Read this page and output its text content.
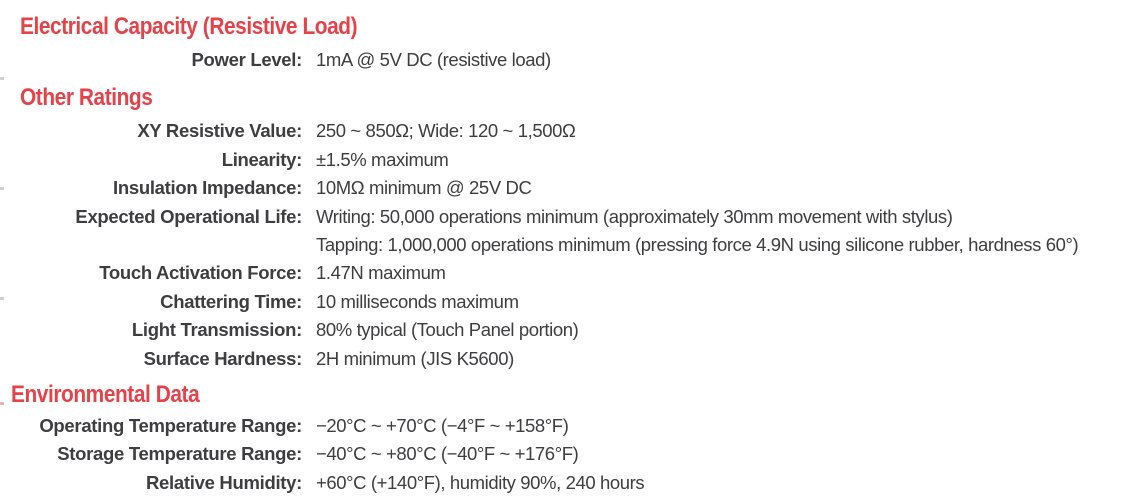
Electrical Capacity (Resistive Load)
Power Level: 1mA @ 5V DC (resistive load)
Other Ratings
XY Resistive Value: 250 ~ 850Ω; Wide: 120 ~ 1,500Ω
Linearity: ±1.5% maximum
Insulation Impedance: 10MΩ minimum @ 25V DC
Expected Operational Life: Writing: 50,000 operations minimum (approximately 30mm movement with stylus)
Tapping: 1,000,000 operations minimum (pressing force 4.9N using silicone rubber, hardness 60°)
Touch Activation Force: 1.47N maximum
Chattering Time: 10 milliseconds maximum
Light Transmission: 80% typical (Touch Panel portion)
Surface Hardness: 2H minimum (JIS K5600)
Environmental Data
Operating Temperature Range: −20°C ~ +70°C (−4°F ~ +158°F)
Storage Temperature Range: −40°C ~ +80°C (−40°F ~ +176°F)
Relative Humidity: +60°C (+140°F), humidity 90%, 240 hours
